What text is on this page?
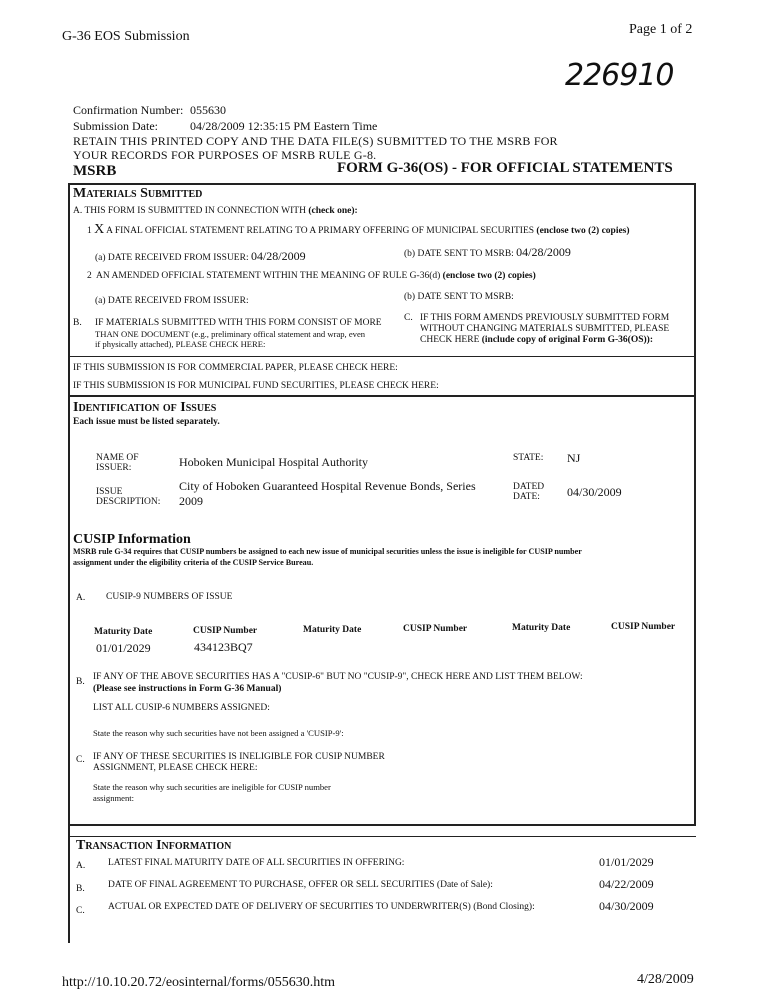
G-36 EOS Submission	Page 1 of 2
226910
Confirmation Number: 055630
Submission Date:	04/28/2009 12:35:15 PM Eastern Time
RETAIN THIS PRINTED COPY AND THE DATA FILE(S) SUBMITTED TO THE MSRB FOR
YOUR RECORDS FOR PURPOSES OF MSRB RULE G-8.
MSRB	FORM G-36(OS) - FOR OFFICIAL STATEMENTS
Materials Submitted
A. THIS FORM IS SUBMITTED IN CONNECTION WITH (check one):
1 X A FINAL OFFICIAL STATEMENT RELATING TO A PRIMARY OFFERING OF MUNICIPAL SECURITIES (enclose two (2) copies)
(a) DATE RECEIVED FROM ISSUER: 04/28/2009	(b) DATE SENT TO MSRB: 04/28/2009
2 AN AMENDED OFFICIAL STATEMENT WITHIN THE MEANING OF RULE G-36(d) (enclose two (2) copies)
(a) DATE RECEIVED FROM ISSUER:	(b) DATE SENT TO MSRB:
B. IF MATERIALS SUBMITTED WITH THIS FORM CONSIST OF MORE
THAN ONE DOCUMENT (e.g., preliminary offical statement and wrap, even
if physically attached), PLEASE CHECK HERE:
C. IF THIS FORM AMENDS PREVIOUSLY SUBMITTED FORM
WITHOUT CHANGING MATERIALS SUBMITTED, PLEASE
CHECK HERE (include copy of original Form G-36(OS)):
IF THIS SUBMISSION IS FOR COMMERCIAL PAPER, PLEASE CHECK HERE:
IF THIS SUBMISSION IS FOR MUNICIPAL FUND SECURITIES, PLEASE CHECK HERE:
Identification of Issues
Each issue must be listed separately.
NAME OF
ISSUER:	Hoboken Municipal Hospital Authority	STATE: NJ
ISSUE
DESCRIPTION:
City of Hoboken Guaranteed Hospital Revenue Bonds, Series
2009
DATED
DATE: 04/30/2009
CUSIP Information
MSRB rule G-34 requires that CUSIP numbers be assigned to each new issue of municipal securities unless the issue is ineligible for CUSIP number
assignment under the eligibility criteria of the CUSIP Service Bureau.
A. CUSIP-9 NUMBERS OF ISSUE
Maturity Date	CUSIP Number	Maturity Date	CUSIP Number	Maturity Date	CUSIP Number
01/01/2029	434123BQ7
B. IF ANY OF THE ABOVE SECURITIES HAS A "CUSIP-6" BUT NO "CUSIP-9", CHECK HERE AND LIST THEM BELOW:
(Please see instructions in Form G-36 Manual)
LIST ALL CUSIP-6 NUMBERS ASSIGNED:
State the reason why such securities have not been assigned a 'CUSIP-9':
C. IF ANY OF THESE SECURITIES IS INELIGIBLE FOR CUSIP NUMBER
ASSIGNMENT, PLEASE CHECK HERE:
State the reason why such securities are ineligible for CUSIP number
assignment:
Transaction Information
A. LATEST FINAL MATURITY DATE OF ALL SECURITIES IN OFFERING:	01/01/2029
B. DATE OF FINAL AGREEMENT TO PURCHASE, OFFER OR SELL SECURITIES (Date of Sale):	04/22/2009
C. ACTUAL OR EXPECTED DATE OF DELIVERY OF SECURITIES TO UNDERWRITER(S) (Bond Closing):	04/30/2009
http://10.10.20.72/eosinternal/forms/055630.htm	4/28/2009
